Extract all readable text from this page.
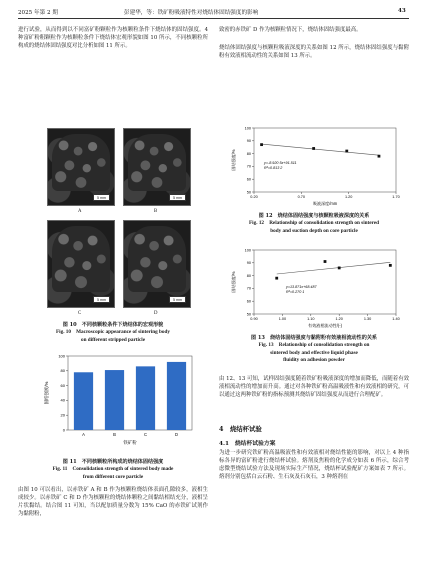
2025 年第 2 期	彭建华，等：铁矿粉吸液特性对烧结体固结强度的影响	43

进行试验，从而得到以不同富矿粉颗粒作为核颗粒条件下烧结体的固结强度。4 种富矿粉粗颗粒作为核颗粒条件下烧结体宏观形貌如图 10 所示，不同核颗粒所构成的烧结体固结强度对比分析如图 11 所示。

5 mm	5 mm
A	B
5 mm	5 mm
C	D
图 10　不同核颗粒条件下烧结体的宏观形貌
Fig. 10　Macroscopic appearance of sintering body
on different stripped particle
0
20
40
60
80
100
A	B	C	D
铁矿粉
固结强度/%
图 11　不同核颗粒所构成的烧结体固结强度
Fig. 11　Consolidation strength of sintered body made
from different core particle

由图 10 可以看出，以赤铁矿 A 和 B 作为核颗粒烧结体表面孔隙较多，液相生成较少。以赤铁矿 C 和 D 作为核颗粒的烧结体颗粒之间黏结相结充分，液相呈片状黏结。结合图 11 可知，当以配加质量分数为 15% CaO 的赤铁矿试剂作为黏附粉，

致密的赤铁矿 D 作为核颗粒情况下，烧结体固结强度最高。

烧结体固结强度与核颗粒吸液深度的关系如图 12 所示，烧结体固结强度与黏附粉有效液相流动性的关系如图 13 所示。

50
60
70
80
90
100
0.20	0.70	1.20	1.70
y=-8.920 5x+91.511
R²=0.813 2
吸液深度/mm
固结强度/%
图 12　烧结体固结强度与核颗粒吸液深度的关系
Fig. 12　Relationship of consolidation strength on sintered
body and suction depth on core particle
50
60
70
80
90
100
0.90	1.00	1.10	1.20	1.30	1.40
y=13.871x+68.487
R²=0.270 1
有效液相流动性/(-)
固结强度/%
图 13　烧结体固结强度与黏附粉有效液相流动性的关系
Fig. 13　Relationship of consolidation strength on
sintered body and effective liquid phase
fluidity on adhesion powder

由 12、13 可知，试样固结强度随着铁矿粉吸液深度的增加而降低，而随着有效液相流动性的增加而升高。通过对各种铁矿粉高温吸液性和有效液相的研究，可以通过这两种铁矿粉的指标预测其烧结矿固结强度从而进行合理配矿。

4　烧结杯试验
4.1　烧结杯试验方案

为进一步研究铁矿粉高温吸液性和有效液相对烧结性能的影响，对以上 4 种指标各异的富矿粉进行烧结杯试验。熔剂及焦粉的化学成分如表 6 所示，综合考虑微型烧结试验方法及现场实际生产情况，烧结杯试验配矿方案如表 7 所示。熔剂分别包括白云石粉、生石灰及石灰石，3 种熔剂在
